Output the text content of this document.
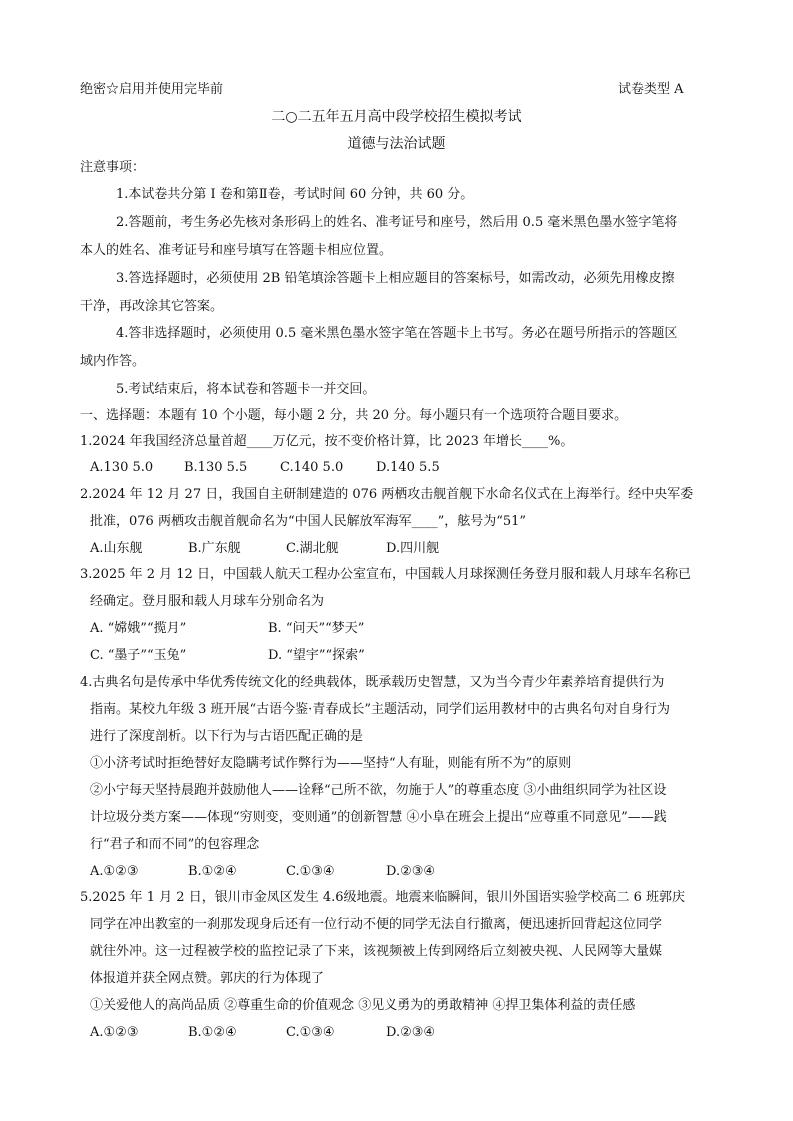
绝密☆启用并使用完毕前	试卷类型 A
二○二五年五月高中段学校招生模拟考试
道德与法治试题
注意事项：
1.本试卷共分第 I 卷和第Ⅱ卷，考试时间 60 分钟，共 60 分。
2.答题前，考生务必先核对条形码上的姓名、准考证号和座号，然后用 0.5 毫米黑色墨水签字笔将
本人的姓名、准考证号和座号填写在答题卡相应位置。
3.答选择题时，必须使用 2B 铅笔填涂答题卡上相应题目的答案标号，如需改动，必须先用橡皮擦
干净，再改涂其它答案。
4.答非选择题时，必须使用 0.5 毫米黑色墨水签字笔在答题卡上书写。务必在题号所指示的答题区
域内作答。
5.考试结束后，将本试卷和答题卡一并交回。
一、选择题：本题有 10 个小题，每小题 2 分，共 20 分。每小题只有一个选项符合题目要求。
1.2024 年我国经济总量首超____万亿元，按不变价格计算，比 2023 年增长____%。
A.130 5.0 B.130 5.5	C.140 5.0	D.140 5.5
2.2024 年 12 月 27 日，我国自主研制建造的 076 两栖攻击舰首舰下水命名仪式在上海举行。经中央军委
批准，076 两栖攻击舰首舰命名为“中国人民解放军海军____”，舷号为“51”
A.山东舰	B.广东舰	C.湖北舰	D.四川舰
3.2025 年 2 月 12 日，中国载人航天工程办公室宣布，中国载人月球探测任务登月服和载人月球车名称已
经确定。登月服和载人月球车分别命名为
A. “嫦娥”“揽月”	B. “问天”“梦天”
C. “墨子”“玉兔”	D. “望宇”“探索”
4.古典名句是传承中华优秀传统文化的经典载体，既承载历史智慧，又为当今青少年素养培育提供行为
指南。某校九年级 3 班开展“古语今鉴·青春成长”主题活动，同学们运用教材中的古典名句对自身行为
进行了深度剖析。以下行为与古语匹配正确的是
①小济考试时拒绝替好友隐瞒考试作弊行为——坚持“人有耻，则能有所不为”的原则
②小宁每天坚持晨跑并鼓励他人——诠释“己所不欲，勿施于人”的尊重态度 ③小曲组织同学为社区设
计垃圾分类方案——体现“穷则变，变则通”的创新智慧 ④小阜在班会上提出“应尊重不同意见”——践
行“君子和而不同”的包容理念
A.①②③	B.①②④	C.①③④	D.②③④
5.2025 年 1 月 2 日，银川市金凤区发生 4.6级地震。地震来临瞬间，银川外国语实验学校高二 6 班郭庆
同学在冲出教室的一刹那发现身后还有一位行动不便的同学无法自行撤离，便迅速折回背起这位同学
就往外冲。这一过程被学校的监控记录了下来，该视频被上传到网络后立刻被央视、人民网等大量媒
体报道并获全网点赞。郭庆的行为体现了
①关爱他人的高尚品质 ②尊重生命的价值观念 ③见义勇为的勇敢精神 ④捍卫集体利益的责任感
A.①②③	B.①②④	C.①③④	D.②③④
